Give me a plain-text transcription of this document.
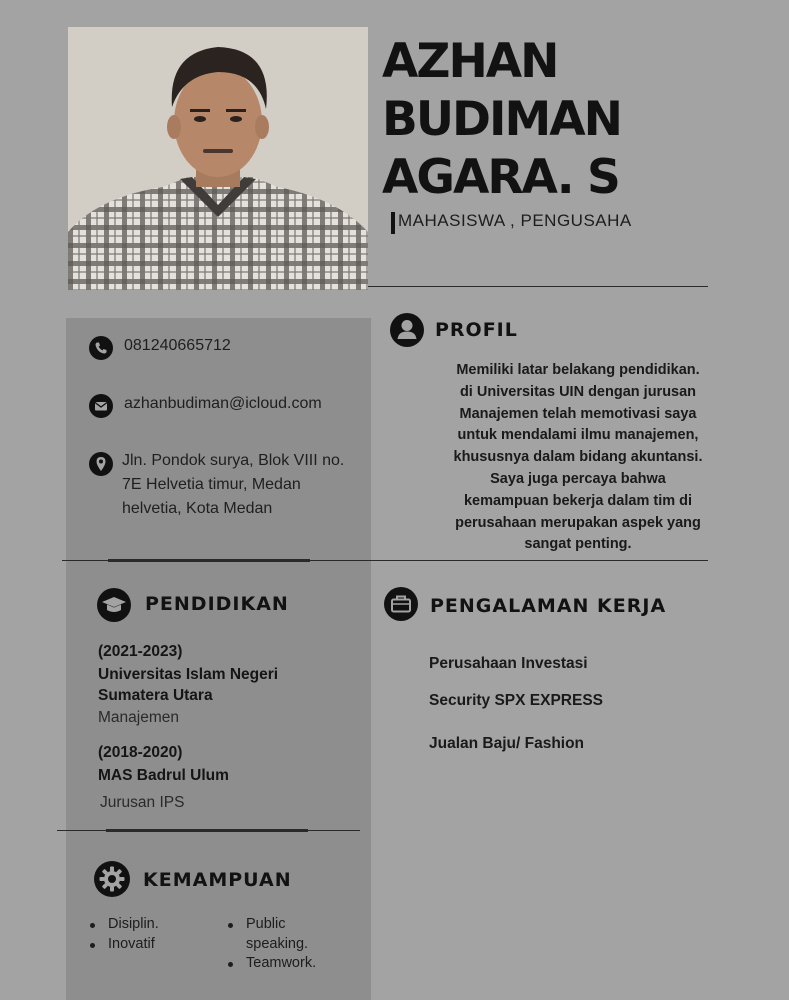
AZHAN
BUDIMAN
AGARA. S
MAHASISWA , PENGUSAHA
081240665712
azhanbudiman@icloud.com
Jln. Pondok surya, Blok VIII no.
7E Helvetia timur, Medan
helvetia, Kota Medan
PROFIL
Memiliki latar belakang pendidikan.
di Universitas UIN dengan jurusan
Manajemen telah memotivasi saya
untuk mendalami ilmu manajemen,
khususnya dalam bidang akuntansi.
Saya juga percaya bahwa
kemampuan bekerja dalam tim di
perusahaan merupakan aspek yang
sangat penting.
PENDIDIKAN
(2021-2023)
Universitas Islam Negeri
Sumatera Utara
Manajemen
(2018-2020)
MAS Badrul Ulum
Jurusan IPS
PENGALAMAN KERJA
Perusahaan Investasi
Security SPX EXPRESS
Jualan Baju/ Fashion
KEMAMPUAN
Disiplin.
Inovatif
Public
speaking.
Teamwork.
